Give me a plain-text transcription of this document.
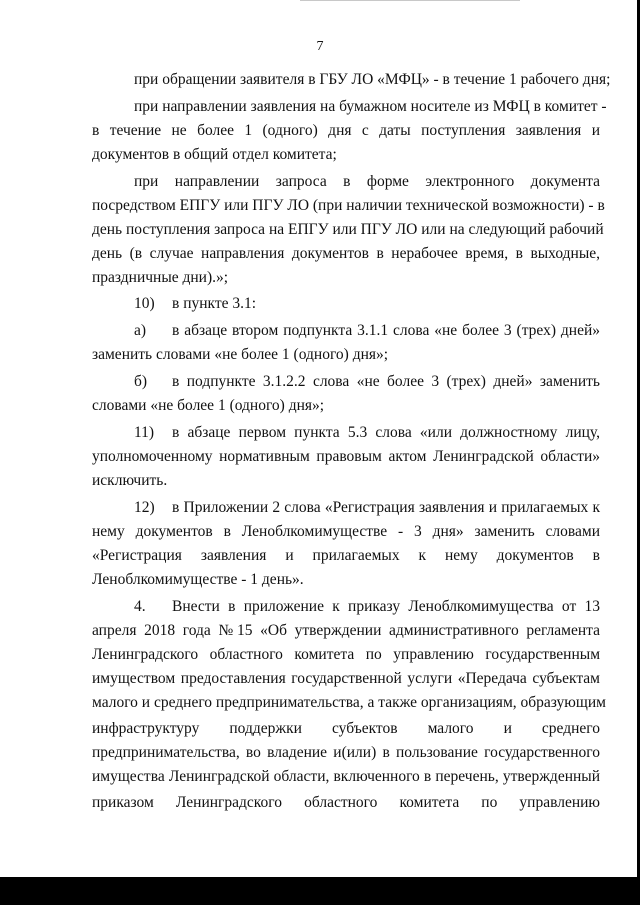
7
при обращении заявителя в ГБУ ЛО «МФЦ» - в течение 1 рабочего дня;
при направлении заявления на бумажном носителе из МФЦ в комитет -
в течение не более 1 (одного) дня с даты поступления заявления и
документов в общий отдел комитета;
при направлении запроса в форме электронного документа
посредством ЕПГУ или ПГУ ЛО (при наличии технической возможности) - в
день поступления запроса на ЕПГУ или ПГУ ЛО или на следующий рабочий
день (в случае направления документов в нерабочее время, в выходные,
праздничные дни).»;
10) в пункте 3.1:
а) в абзаце втором подпункта 3.1.1 слова «не более 3 (трех) дней»
заменить словами «не более 1 (одного) дня»;
б) в подпункте 3.1.2.2 слова «не более 3 (трех) дней» заменить
словами «не более 1 (одного) дня»;
11) в абзаце первом пункта 5.3 слова «или должностному лицу,
уполномоченному нормативным правовым актом Ленинградской области»
исключить.
12) в Приложении 2 слова «Регистрация заявления и прилагаемых к
нему документов в Леноблкомимуществе - 3 дня» заменить словами
«Регистрация заявления и прилагаемых к нему документов в
Леноблкомимуществе - 1 день».
4. Внести в приложение к приказу Леноблкомимущества от 13
апреля 2018 года №15 «Об утверждении административного регламента
Ленинградского областного комитета по управлению государственным
имуществом предоставления государственной услуги «Передача субъектам
малого и среднего предпринимательства, а также организациям, образующим
инфраструктуру поддержки субъектов малого и среднего
предпринимательства, во владение и(или) в пользование государственного
имущества Ленинградской области, включенного в перечень, утвержденный
приказом Ленинградского областного комитета по управлению
